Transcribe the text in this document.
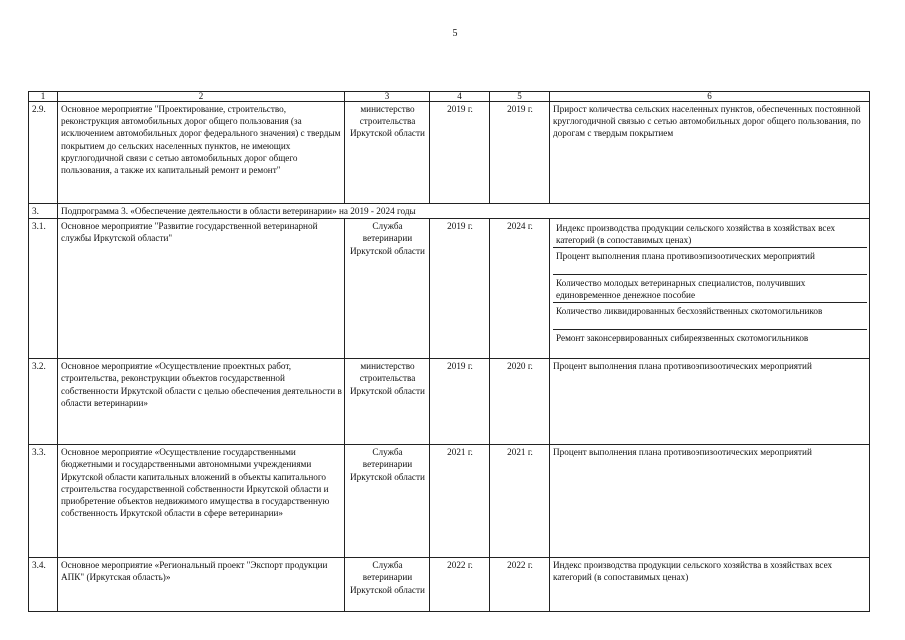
5
1	2	3	4	5	6
2.9.	Основное мероприятие "Проектирование, строительство, реконструкция автомобильных дорог общего пользования (за исключением автомобильных дорог федерального значения) с твердым покрытием до сельских населенных пунктов, не имеющих круглогодичной связи с сетью автомобильных дорог общего пользования, а также их капитальный ремонт и ремонт"	министерство строительства Иркутской области	2019 г.	2019 г.	Прирост количества сельских населенных пунктов, обеспеченных постоянной круглогодичной связью с сетью автомобильных дорог общего пользования, по дорогам с твердым покрытием
3.	Подпрограмма 3. «Обеспечение деятельности в области ветеринарии» на 2019 - 2024 годы				
3.1.	Основное мероприятие "Развитие государственной ветеринарной службы Иркутской области"	Служба ветеринарии Иркутской области	2019 г.	2024 г.	Индекс производства продукции сельского хозяйства в хозяйствах всех категорий (в сопоставимых ценах)
Процент выполнения плана противоэпизоотических мероприятий
Количество молодых ветеринарных специалистов, получивших единовременное денежное пособие
Количество ликвидированных бесхозяйственных скотомогильников
Ремонт законсервированных сибиреязвенных скотомогильников

3.2.	Основное мероприятие «Осуществление проектных работ, строительства, реконструкции объектов государственной собственности Иркутской области с целью обеспечения деятельности в области ветеринарии»	министерство строительства Иркутской области	2019 г.	2020 г.	Процент выполнения плана противоэпизоотических мероприятий
3.3.	Основное мероприятие «Осуществление государственными бюджетными и государственными автономными учреждениями Иркутской области капитальных вложений в объекты капитального строительства государственной собственности Иркутской области и приобретение объектов недвижимого имущества в государственную собственность Иркутской области в сфере ветеринарии»	Служба ветеринарии Иркутской области	2021 г.	2021 г.	Процент выполнения плана противоэпизоотических мероприятий
3.4.	Основное мероприятие «Региональный проект "Экспорт продукции АПК" (Иркутская область)»	Служба ветеринарии Иркутской области	2022 г.	2022 г.	Индекс производства продукции сельского хозяйства в хозяйствах всех категорий (в сопоставимых ценах)
